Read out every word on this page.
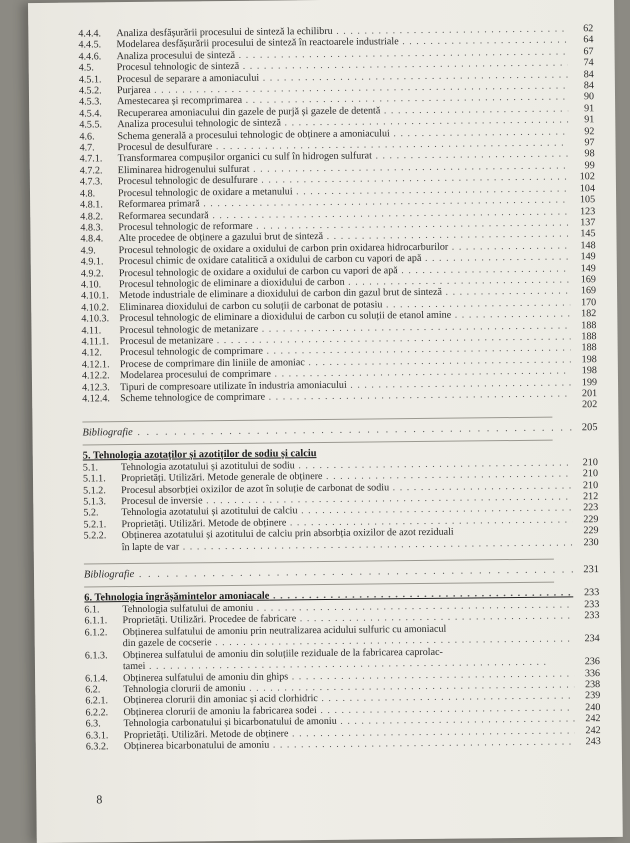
4.4.4.	Analiza desfășurării procesului de sinteză la echilibru . . .	62
4.4.5.	Modelarea desfășurării procesului de sinteză în reactoarele industriale . . .	64
4.4.6.	Analiza procesului de sinteză . . .	67
4.5.	Procesul tehnologic de sinteză . . .	74
4.5.1.	Procesul de separare a amoniacului . . .	84
4.5.2.	Purjarea . . .	84
4.5.3.	Amestecarea și recomprimarea . . .	90
4.5.4.	Recuperarea amoniacului din gazele de purjă și gazele de detentă . . .	91
4.5.5.	Analiza procesului tehnologic de sinteză . . .	91
4.6.	Schema generală a procesului tehnologic de obținere a amoniacului . . .	92
4.7.	Procesul de desulfurare . . .	97
4.7.1.	Transformarea compușilor organici cu sulf în hidrogen sulfurat . . .	98
4.7.2.	Eliminarea hidrogenului sulfurat . . .	99
4.7.3.	Procesul tehnologic de desulfurare . . .	102
4.8.	Procesul tehnologic de oxidare a metanului . . .	104
4.8.1.	Reformarea primară . . .	105
4.8.2.	Reformarea secundară . . .	123
4.8.3.	Procesul tehnologic de reformare . . .	137
4.8.4.	Alte procedee de obținere a gazului brut de sinteză . . .	145
4.9.	Procesul tehnologic de oxidare a oxidului de carbon prin oxidarea hidrocarburilor . . .	148
4.9.1.	Procesul chimic de oxidare catalitică a oxidului de carbon cu vapori de apă . . .	149
4.9.2.	Procesul tehnologic de oxidare a oxidului de carbon cu vapori de apă . . .	149
4.10.	Procesul tehnologic de eliminare a dioxidului de carbon . . .	169
4.10.1.	Metode industriale de eliminare a dioxidului de carbon din gazul brut de sinteză . . .	169
4.10.2.	Eliminarea dioxidului de carbon cu soluții de carbonat de potasiu . . .	170
4.10.3.	Procesul tehnologic de eliminare a dioxidului de carbon cu soluții de etanol amine . . .	182
4.11.	Procesul tehnologic de metanizare . . .	188
4.11.1.	Procesul de metanizare . . .	188
4.12.	Procesul tehnologic de comprimare . . .	188
4.12.1.	Procese de comprimare din liniile de amoniac . . .	198
4.12.2.	Modelarea procesului de comprimare . . .	198
4.12.3.	Tipuri de compresoare utilizate în industria amoniacului . . .	199
4.12.4.	Scheme tehnologice de comprimare . . .	201
202
Bibliografie . . .	205
5. Tehnologia azotaților și azotiților de sodiu și calciu
5.1.	Tehnologia azotatului și azotitului de sodiu . . .	210
5.1.1.	Proprietăți. Utilizări. Metode generale de obținere . . .	210
5.1.2.	Procesul absorbției oxizilor de azot în soluție de carbonat de sodiu . . .	210
5.1.3.	Procesul de inversie . . .	212
5.2.	Tehnologia azotatului și azotitului de calciu . . .	223
5.2.1.	Proprietăți. Utilizări. Metode de obținere . . .	229
5.2.2.	Obținerea azotatului și azotitului de calciu prin absorbția oxizilor de azot reziduali	229
în lapte de var . . .	230
Bibliografie . . .	231
6. Tehnologia îngrășămintelor amoniacale . . .	233
6.1.	Tehnologia sulfatului de amoniu . . .	233
6.1.1.	Proprietăți. Utilizări. Procedee de fabricare . . .	233
6.1.2.	Obținerea sulfatului de amoniu prin neutralizarea acidului sulfuric cu amoniacul
din gazele de cocserie . . .	234
6.1.3.	Obținerea sulfatului de amoniu din soluțiile reziduale de la fabricarea caprolac-
tamei . . .	236
6.1.4.	Obținerea sulfatului de amoniu din ghips . . .	336
6.2.	Tehnologia clorurii de amoniu . . .	238
6.2.1.	Obținerea clorurii din amoniac și acid clorhidric . . .	239
6.2.2.	Obținerea clorurii de amoniu la fabricarea sodei . . .	240
6.3.	Tehnologia carbonatului și bicarbonatului de amoniu . . .	242
6.3.1.	Proprietăți. Utilizări. Metode de obținere . . .	242
6.3.2.	Obținerea bicarbonatului de amoniu . . .	243
8
